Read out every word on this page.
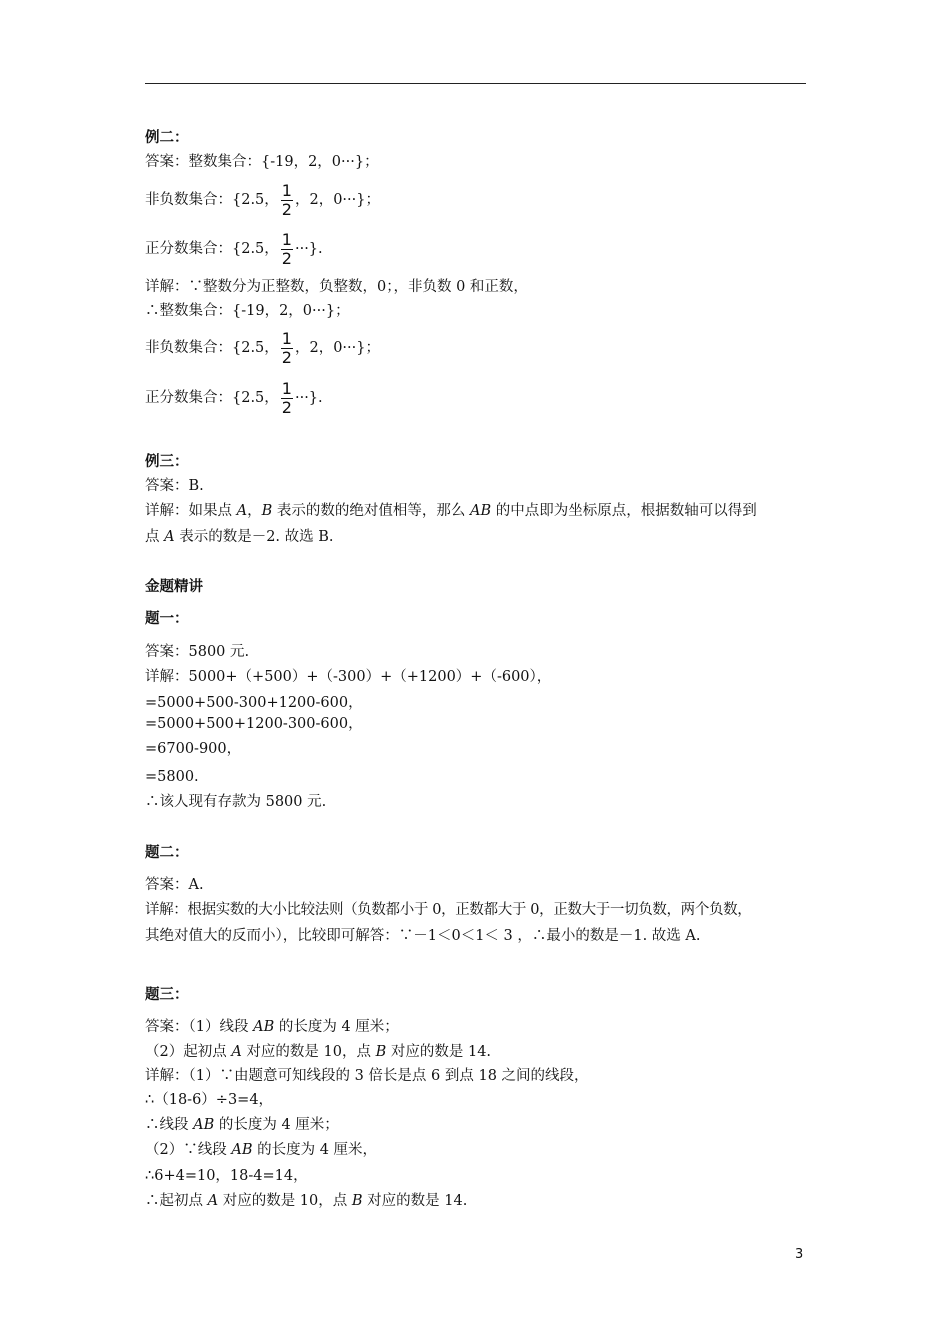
例二：
答案：整数集合：{-19，2，0···}；
非负数集合：{2.5， $\frac{1}{2}$ ，2，0···}；
正分数集合：{2.5， $\frac{1}{2}$ ···}.
详解：∵整数分为正整数，负整数，0；，非负数 0 和正数，
∴整数集合：{-19，2，0···}；
非负数集合：{2.5， $\frac{1}{2}$ ，2，0···}；
正分数集合：{2.5， $\frac{1}{2}$ ···}.
例三：
答案：B.
详解：如果点 A，B 表示的数的绝对值相等，那么 AB 的中点即为坐标原点，根据数轴可以得到
点 A 表示的数是－2. 故选 B.
金题精讲
题一：
答案：5800 元.
详解：5000+（+500）+（-300）+（+1200）+（-600），
=5000+500-300+1200-600，
=5000+500+1200-300-600，
=6700-900，
=5800.
∴该人现有存款为 5800 元.
题二：
答案：A.
详解：根据实数的大小比较法则（负数都小于 0，正数都大于 0，正数大于一切负数，两个负数，
其绝对值大的反而小），比较即可解答：∵－1＜0＜1＜ 3 ，∴最小的数是－1. 故选 A.
题三：
答案：（1）线段 AB 的长度为 4 厘米；
（2）起初点 A 对应的数是 10，点 B 对应的数是 14.
详解：（1）∵由题意可知线段的 3 倍长是点 6 到点 18 之间的线段，
∴（18-6）÷3=4，
∴线段 AB 的长度为 4 厘米；
（2）∵线段 AB 的长度为 4 厘米，
∴6+4=10，18-4=14，
∴起初点 A 对应的数是 10，点 B 对应的数是 14.
3
